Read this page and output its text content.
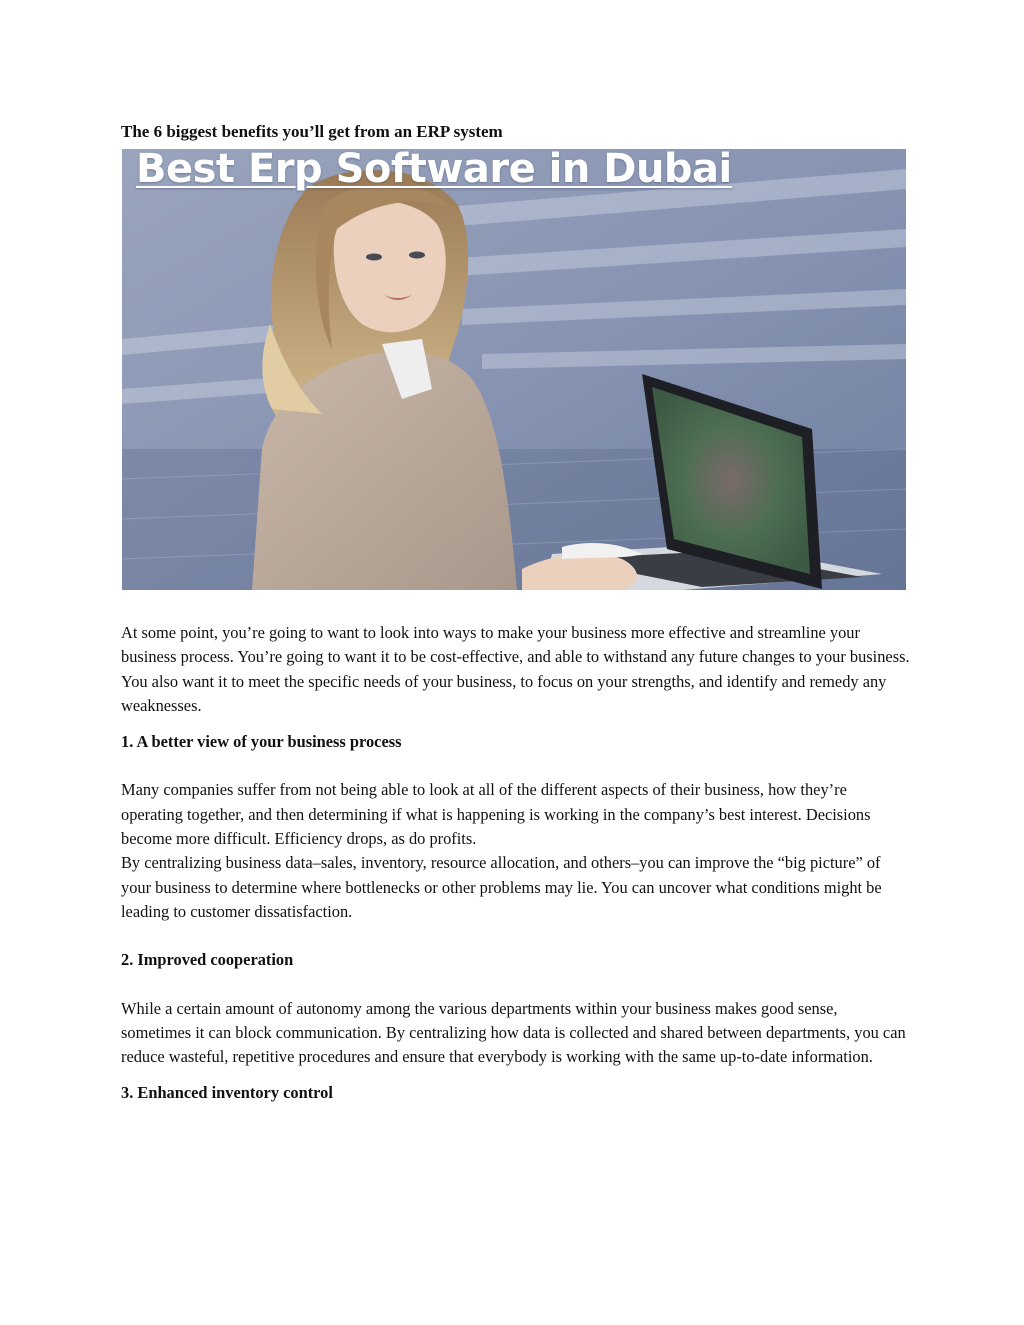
The 6 biggest benefits you’ll get from an ERP system
Best Erp Software in Dubai

At some point, you’re going to want to look into ways to make your business more effective and streamline your business process. You’re going to want it to be cost-effective, and able to withstand any future changes to your business. You also want it to meet the specific needs of your business, to focus on your strengths, and identify and remedy any weaknesses.

1. A better view of your business process

Many companies suffer from not being able to look at all of the different aspects of their business, how they’re operating together, and then determining if what is happening is working in the company’s best interest. Decisions become more difficult. Efficiency drops, as do profits.

By centralizing business data–sales, inventory, resource allocation, and others–you can improve the “big picture” of your business to determine where bottlenecks or other problems may lie. You can uncover what conditions might be leading to customer dissatisfaction.

2. Improved cooperation

While a certain amount of autonomy among the various departments within your business makes good sense, sometimes it can block communication. By centralizing how data is collected and shared between departments, you can reduce wasteful, repetitive procedures and ensure that everybody is working with the same up-to-date information.

3. Enhanced inventory control
